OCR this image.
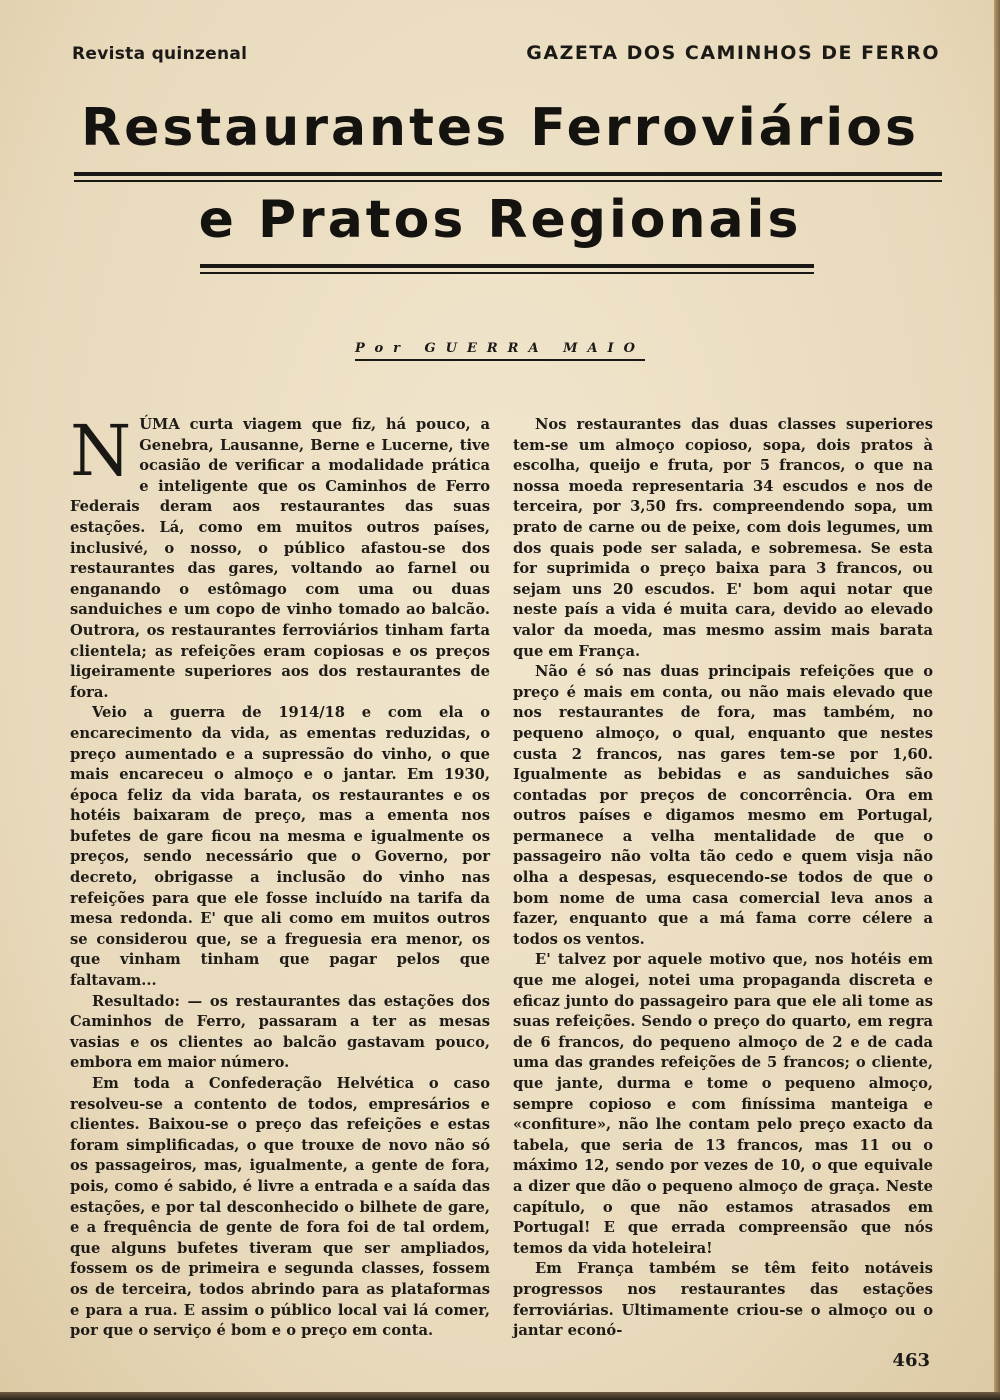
Revista quinzenal	GAZETA DOS CAMINHOS DE FERRO
Restaurantes Ferroviários
e Pratos Regionais
Por GUERRA MAIO
N ÚMA curta viagem que fiz, há pouco, a Genebra, Lausanne, Berne e Lucerne, tive ocasião de verificar a modalidade prática e inteligente que os Caminhos de Ferro Federais deram aos restaurantes das suas estações. Lá, como em muitos outros países, inclusivé, o nosso, o público afastou-se dos restaurantes das gares, voltando ao farnel ou enganando o estômago com uma ou duas sanduiches e um copo de vinho tomado ao balcão. Outrora, os restaurantes ferroviários tinham farta clientela; as refeições eram copiosas e os preços ligeiramente superiores aos dos restaurantes de fora.

Veio a guerra de 1914/18 e com ela o encarecimento da vida, as ementas reduzidas, o preço aumentado e a supressão do vinho, o que mais encareceu o almoço e o jantar. Em 1930, época feliz da vida barata, os restaurantes e os hotéis baixaram de preço, mas a ementa nos bufetes de gare ficou na mesma e igualmente os preços, sendo necessário que o Governo, por decreto, obrigasse a inclusão do vinho nas refeições para que ele fosse incluído na tarifa da mesa redonda. E' que ali como em muitos outros se considerou que, se a freguesia era menor, os que vinham tinham que pagar pelos que faltavam...

Resultado: — os restaurantes das estações dos Caminhos de Ferro, passaram a ter as mesas vasias e os clientes ao balcão gastavam pouco, embora em maior número.

Em toda a Confederação Helvética o caso resolveu-se a contento de todos, empresários e clientes. Baixou-se o preço das refeições e estas foram simplificadas, o que trouxe de novo não só os passageiros, mas, igualmente, a gente de fora, pois, como é sabido, é livre a entrada e a saída das estações, e por tal desconhecido o bilhete de gare, e a frequência de gente de fora foi de tal ordem, que alguns bufetes tiveram que ser ampliados, fossem os de primeira e segunda classes, fossem os de terceira, todos abrindo para as plataformas e para a rua. E assim o público local vai lá comer, por que o serviço é bom e o preço em conta.

Nos restaurantes das duas classes superiores tem-se um almoço copioso, sopa, dois pratos à escolha, queijo e fruta, por 5 francos, o que na nossa moeda representaria 34 escudos e nos de terceira, por 3,50 frs. compreendendo sopa, um prato de carne ou de peixe, com dois legumes, um dos quais pode ser salada, e sobremesa. Se esta for suprimida o preço baixa para 3 francos, ou sejam uns 20 escudos. E' bom aqui notar que neste país a vida é muita cara, devido ao elevado valor da moeda, mas mesmo assim mais barata que em França.

Não é só nas duas principais refeições que o preço é mais em conta, ou não mais elevado que nos restaurantes de fora, mas também, no pequeno almoço, o qual, enquanto que nestes custa 2 francos, nas gares tem-se por 1,60. Igualmente as bebidas e as sanduiches são contadas por preços de concorrência. Ora em outros países e digamos mesmo em Portugal, permanece a velha mentalidade de que o passageiro não volta tão cedo e quem visja não olha a despesas, esquecendo-se todos de que o bom nome de uma casa comercial leva anos a fazer, enquanto que a má fama corre célere a todos os ventos.

E' talvez por aquele motivo que, nos hotéis em que me alogei, notei uma propaganda discreta e eficaz junto do passageiro para que ele ali tome as suas refeições. Sendo o preço do quarto, em regra de 6 francos, do pequeno almoço de 2 e de cada uma das grandes refeições de 5 francos; o cliente, que jante, durma e tome o pequeno almoço, sempre copioso e com finíssima manteiga e «confiture», não lhe contam pelo preço exacto da tabela, que seria de 13 francos, mas 11 ou o máximo 12, sendo por vezes de 10, o que equivale a dizer que dão o pequeno almoço de graça. Neste capítulo, o que não estamos atrasados em Portugal! E que errada compreensão que nós temos da vida hoteleira!

Em França também se têm feito notáveis progressos nos restaurantes das estações ferroviárias. Ultimamente criou-se o almoço ou o jantar econó-

463
